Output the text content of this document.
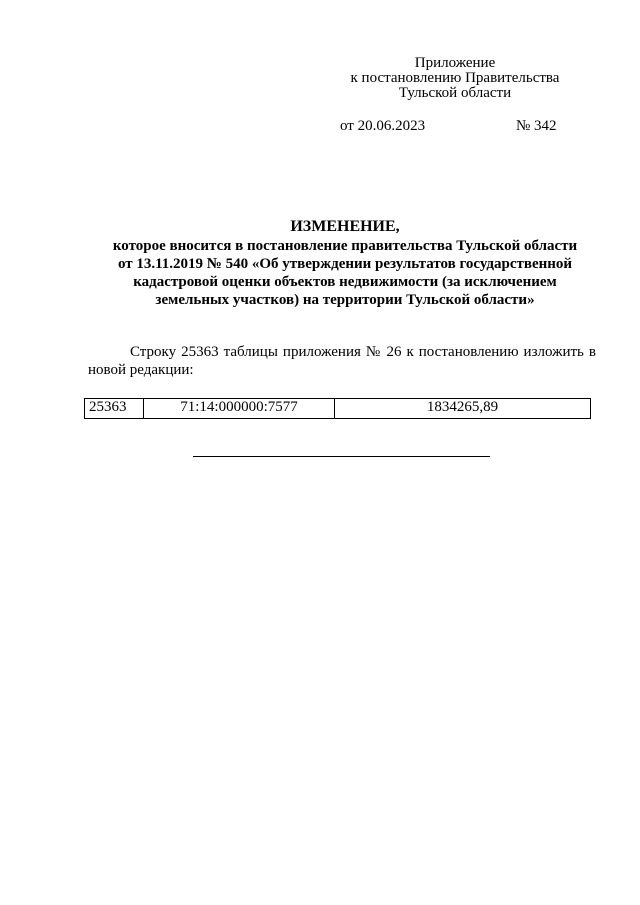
Приложение
к постановлению Правительства
Тульской области
от 20.06.2023	№ 342
ИЗМЕНЕНИЕ,
которое вносится в постановление правительства Тульской области
от 13.11.2019 № 540 «Об утверждении результатов государственной
кадастровой оценки объектов недвижимости (за исключением
земельных участков) на территории Тульской области»
Строку 25363 таблицы приложения № 26 к постановлению изложить в новой редакции:
25363	71:14:000000:7577	1834265,89
